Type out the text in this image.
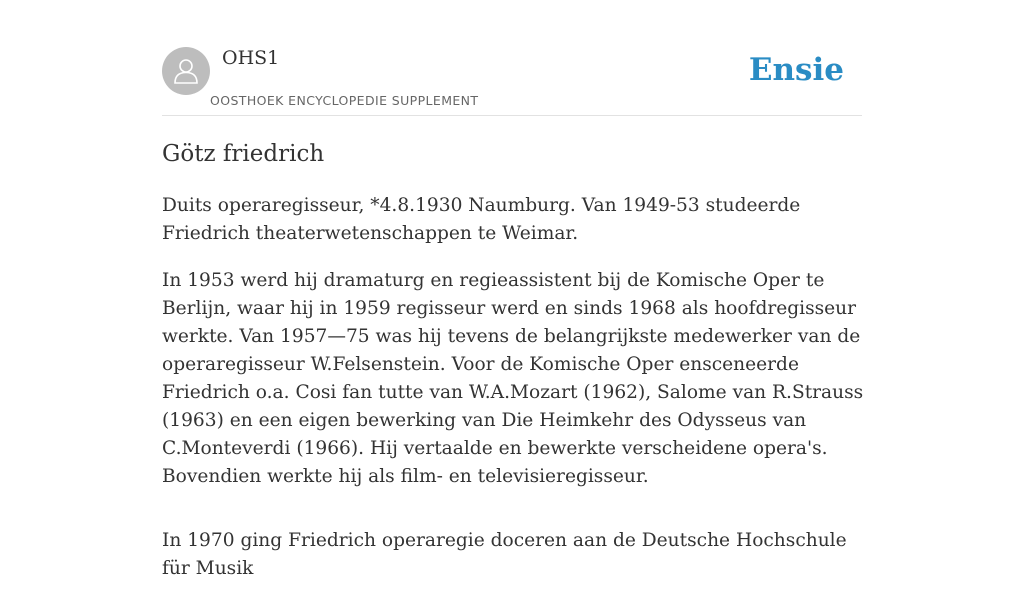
OHS1
OOSTHOEK ENCYCLOPEDIE SUPPLEMENT
Ensie
Götz friedrich

Duits operaregisseur, *4.8.1930 Naumburg. Van 1949-53 studeerde Friedrich theaterwetenschappen te Weimar.

In 1953 werd hij dramaturg en regieassistent bij de Komische Oper te Berlijn, waar hij in 1959 regisseur werd en sinds 1968 als hoofdregisseur werkte. Van 1957—75 was hij tevens de belangrijkste medewerker van de operaregisseur W.Felsenstein. Voor de Komische Oper ensceneerde Friedrich o.a. Cosi fan tutte van W.A.Mozart (1962), Salome van R.Strauss (1963) en een eigen bewerking van Die Heimkehr des Odysseus van C.Monteverdi (1966). Hij vertaalde en bewerkte verscheidene opera's. Bovendien werkte hij als film- en televisieregisseur.

In 1970 ging Friedrich operaregie doceren aan de Deutsche Hochschule für Musik
